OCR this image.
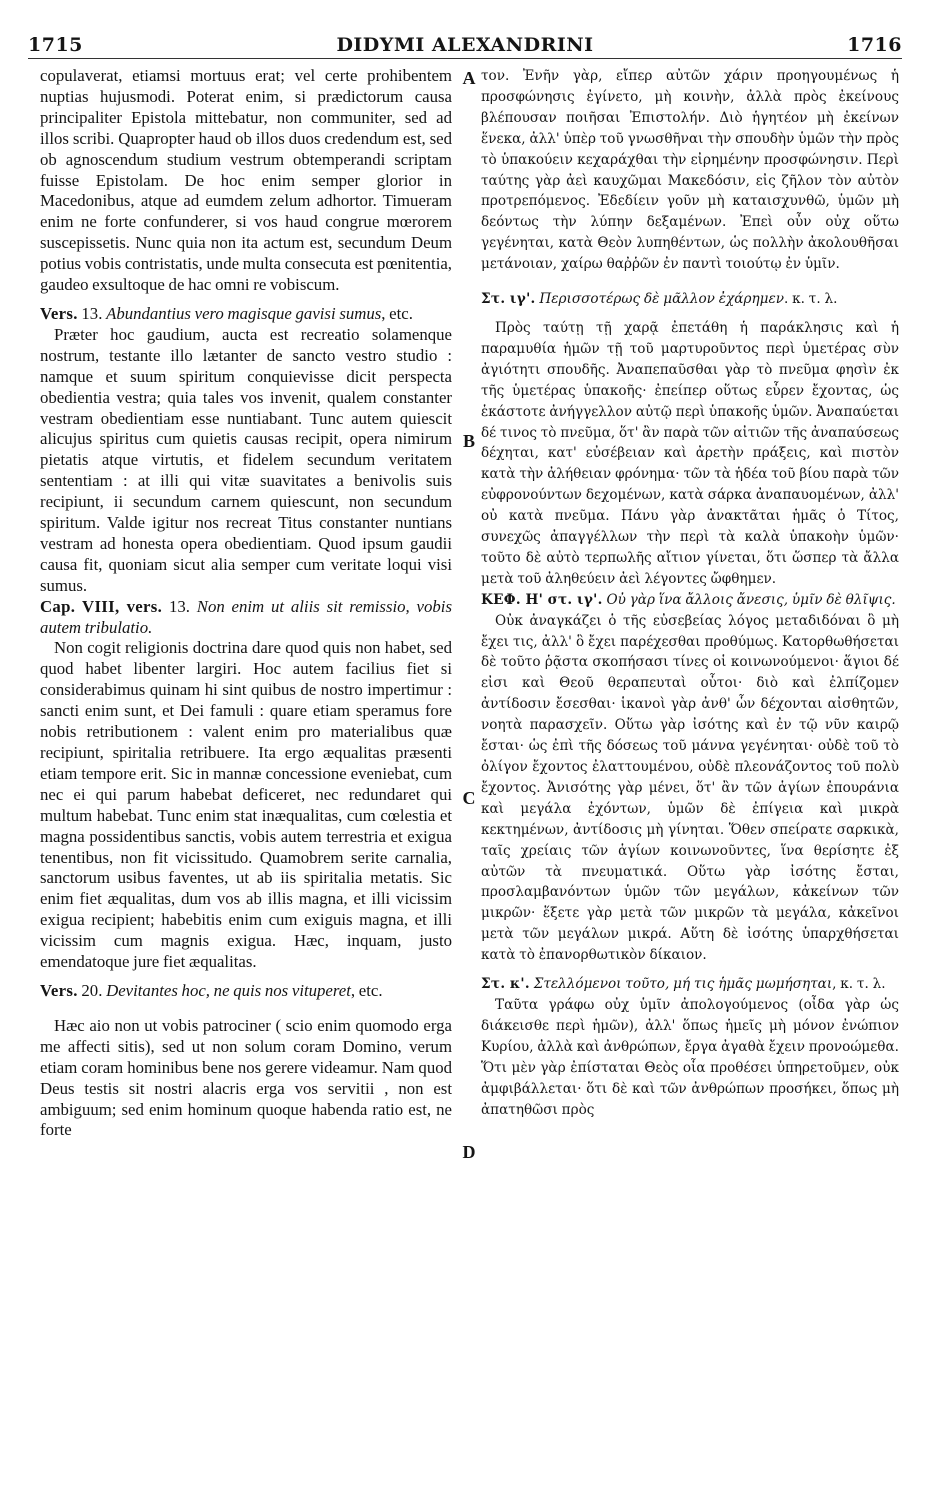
1715	DIDYMI ALEXANDRINI	1716
A
B
C
D

copulaverat, etiamsi mortuus erat; vel certe prohibentem nuptias hujusmodi. Poterat enim, si prædictorum causa principaliter Epistola mittebatur, non communiter, sed ad illos scribi. Quapropter haud ob illos duos credendum est, sed ob agnoscendum studium vestrum obtemperandi scriptam fuisse Epistolam. De hoc enim semper glorior in Macedonibus, atque ad eumdem zelum adhortor. Timueram enim ne forte confunderer, si vos haud congrue mœrorem suscepissetis. Nunc quia non ita actum est, secundum Deum potius vobis contristatis, unde multa consecuta est pœnitentia, gaudeo exsultoque de hac omni re vobiscum.

Vers. 13. Abundantius vero magisque gavisi sumus, etc.

Præter hoc gaudium, aucta est recreatio solamenque nostrum, testante illo lætanter de sancto vestro studio : namque et suum spiritum conquievisse dicit perspecta obedientia vestra; quia tales vos invenit, qualem constanter vestram obedientiam esse nuntiabant. Tunc autem quiescit alicujus spiritus cum quietis causas recipit, opera nimirum pietatis atque virtutis, et fidelem secundum veritatem sententiam : at illi qui vitæ suavitates a benivolis suis recipiunt, ii secundum carnem quiescunt, non secundum spiritum. Valde igitur nos recreat Titus constanter nuntians vestram ad honesta opera obedientiam. Quod ipsum gaudii causa fit, quoniam sicut alia semper cum veritate loqui visi sumus.

Cap. VIII, vers. 13. Non enim ut aliis sit remissio, vobis autem tribulatio.

Non cogit religionis doctrina dare quod quis non habet, sed quod habet libenter largiri. Hoc autem facilius fiet si considerabimus quinam hi sint quibus de nostro impertimur : sancti enim sunt, et Dei famuli : quare etiam speramus fore nobis retributionem : valent enim pro materialibus quæ recipiunt, spiritalia retribuere. Ita ergo æqualitas præsenti etiam tempore erit. Sic in mannæ concessione eveniebat, cum nec ei qui parum habebat deficeret, nec redundaret qui multum habebat. Tunc enim stat inæqualitas, cum cœlestia et magna possidentibus sanctis, vobis autem terrestria et exigua tenentibus, non fit vicissitudo. Quamobrem serite carnalia, sanctorum usibus faventes, ut ab iis spiritalia metatis. Sic enim fiet æqualitas, dum vos ab illis magna, et illi vicissim exigua recipient; habebitis enim cum exiguis magna, et illi vicissim cum magnis exigua. Hæc, inquam, justo emendatoque jure fiet æqualitas.

Vers. 20. Devitantes hoc, ne quis nos vituperet, etc.

Hæc aio non ut vobis patrociner ( scio enim quomodo erga me affecti sitis), sed ut non solum coram Domino, verum etiam coram hominibus bene nos gerere videamur. Nam quod Deus testis sit nostri alacris erga vos servitii , non est ambiguum; sed enim hominum quoque habenda ratio est, ne forte

τον. Ἐνῆν γὰρ, εἴπερ αὐτῶν χάριν προηγουμένως ἡ προσφώνησις ἐγίνετο, μὴ κοινὴν, ἀλλὰ πρὸς ἐκείνους βλέπουσαν ποιῆσαι Ἐπιστολήν. Διὸ ἡγητέον μὴ ἐκείνων ἕνεκα, ἀλλ' ὑπὲρ τοῦ γνωσθῆναι τὴν σπουδὴν ὑμῶν τὴν πρὸς τὸ ὑπακούειν κεχαράχθαι τὴν εἰρημένην προσφώνησιν. Περὶ ταύτης γὰρ ἀεὶ καυχῶμαι Μακεδόσιν, εἰς ζῆλον τὸν αὐτὸν προτρεπόμενος. Ἐδεδίειν γοῦν μὴ καταισχυνθῶ, ὑμῶν μὴ δεόντως τὴν λύπην δεξαμένων. Ἐπεὶ οὖν οὐχ οὕτω γεγένηται, κατὰ Θεὸν λυπηθέντων, ὡς πολλὴν ἀκολουθῆσαι μετάνοιαν, χαίρω θαῤῥῶν ἐν παντὶ τοιούτῳ ἐν ὑμῖν.

Στ. ιγ'. Περισσοτέρως δὲ μᾶλλον ἐχάρημεν. κ. τ. λ.

Πρὸς ταύτῃ τῇ χαρᾷ ἐπετάθη ἡ παράκλησις καὶ ἡ παραμυθία ἡμῶν τῇ τοῦ μαρτυροῦντος περὶ ὑμετέρας σὺν ἀγιότητι σπουδῆς. Ἀναπεπαῦσθαι γὰρ τὸ πνεῦμα φησὶν ἐκ τῆς ὑμετέρας ὑπακοῆς· ἐπείπερ οὕτως εὗρεν ἔχοντας, ὡς ἑκάστοτε ἀνήγγελλον αὐτῷ περὶ ὑπακοῆς ὑμῶν. Ἀναπαύεται δέ τινος τὸ πνεῦμα, ὅτ' ἂν παρὰ τῶν αἰτιῶν τῆς ἀναπαύσεως δέχηται, κατ' εὐσέβειαν καὶ ἀρετὴν πράξεις, καὶ πιστὸν κατὰ τὴν ἀλήθειαν φρόνημα· τῶν τὰ ἡδέα τοῦ βίου παρὰ τῶν εὐφρονούντων δεχομένων, κατὰ σάρκα ἀναπαυομένων, ἀλλ' οὐ κατὰ πνεῦμα. Πάνυ γὰρ ἀνακτᾶται ἡμᾶς ὁ Τίτος, συνεχῶς ἀπαγγέλλων τὴν περὶ τὰ καλὰ ὑπακοὴν ὑμῶν· τοῦτο δὲ αὐτὸ τερπωλῆς αἴτιον γίνεται, ὅτι ὥσπερ τὰ ἄλλα μετὰ τοῦ ἀληθεύειν ἀεὶ λέγοντες ὤφθημεν.

ΚΕΦ. Η' στ. ιγ'. Οὐ γὰρ ἵνα ἄλλοις ἄνεσις, ὑμῖν δὲ θλῖψις.

Οὐκ ἀναγκάζει ὁ τῆς εὐσεβείας λόγος μεταδιδόναι ὃ μὴ ἔχει τις, ἀλλ' ὃ ἔχει παρέχεσθαι προθύμως. Κατορθωθήσεται δὲ τοῦτο ῥᾷστα σκοπήσασι τίνες οἱ κοινωνούμενοι· ἅγιοι δέ εἰσι καὶ Θεοῦ θεραπευταὶ οὗτοι· διὸ καὶ ἐλπίζομεν ἀντίδοσιν ἔσεσθαι· ἱκανοὶ γὰρ ἀνθ' ὧν δέχονται αἰσθητῶν, νοητὰ παρασχεῖν. Οὕτω γὰρ ἰσότης καὶ ἐν τῷ νῦν καιρῷ ἔσται· ὡς ἐπὶ τῆς δόσεως τοῦ μάννα γεγένηται· οὐδὲ τοῦ τὸ ὀλίγον ἔχοντος ἐλαττουμένου, οὐδὲ πλεονάζοντος τοῦ πολὺ ἔχοντος. Ἀνισότης γὰρ μένει, ὅτ' ἂν τῶν ἁγίων ἐπουράνια καὶ μεγάλα ἐχόντων, ὑμῶν δὲ ἐπίγεια καὶ μικρὰ κεκτημένων, ἀντίδοσις μὴ γίνηται. Ὅθεν σπείρατε σαρκικὰ, ταῖς χρείαις τῶν ἁγίων κοινωνοῦντες, ἵνα θερίσητε ἐξ αὐτῶν τὰ πνευματικά. Οὕτω γὰρ ἰσότης ἔσται, προσλαμβανόντων ὑμῶν τῶν μεγάλων, κἀκείνων τῶν μικρῶν· ἕξετε γὰρ μετὰ τῶν μικρῶν τὰ μεγάλα, κἀκεῖνοι μετὰ τῶν μεγάλων μικρά. Αὕτη δὲ ἰσότης ὑπαρχθήσεται κατὰ τὸ ἐπανορθωτικὸν δίκαιον.

Στ. κ'. Στελλόμενοι τοῦτο, μή τις ἡμᾶς μωμήσηται, κ. τ. λ.

Ταῦτα γράφω οὐχ ὑμῖν ἀπολογούμενος (οἶδα γὰρ ὡς διάκεισθε περὶ ἡμῶν), ἀλλ' ὅπως ἡμεῖς μὴ μόνον ἐνώπιον Κυρίου, ἀλλὰ καὶ ἀνθρώπων, ἔργα ἀγαθὰ ἔχειν προνοώμεθα. Ὅτι μὲν γὰρ ἐπίσταται Θεὸς οἷα προθέσει ὑπηρετοῦμεν, οὐκ ἀμφιβάλλεται· ὅτι δὲ καὶ τῶν ἀνθρώπων προσήκει, ὅπως μὴ ἀπατηθῶσι πρὸς
